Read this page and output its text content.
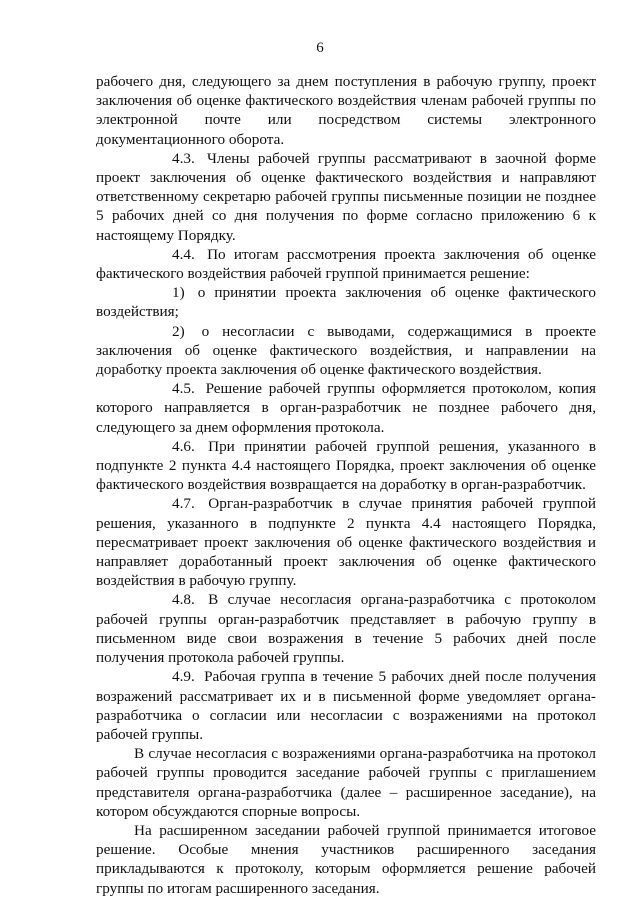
6

рабочего дня, следующего за днем поступления в рабочую группу, проект заключения об оценке фактического воздействия членам рабочей группы по электронной почте или посредством системы электронного документационного оборота.

4.3. Члены рабочей группы рассматривают в заочной форме проект заключения об оценке фактического воздействия и направляют ответственному секретарю рабочей группы письменные позиции не позднее 5 рабочих дней со дня получения по форме согласно приложению 6 к настоящему Порядку.

4.4. По итогам рассмотрения проекта заключения об оценке фактического воздействия рабочей группой принимается решение:

1) о принятии проекта заключения об оценке фактического воздействия;

2) о несогласии с выводами, содержащимися в проекте заключения об оценке фактического воздействия, и направлении на доработку проекта заключения об оценке фактического воздействия.

4.5. Решение рабочей группы оформляется протоколом, копия которого направляется в орган-разработчик не позднее рабочего дня, следующего за днем оформления протокола.

4.6. При принятии рабочей группой решения, указанного в подпункте 2 пункта 4.4 настоящего Порядка, проект заключения об оценке фактического воздействия возвращается на доработку в орган-разработчик.

4.7. Орган-разработчик в случае принятия рабочей группой решения, указанного в подпункте 2 пункта 4.4 настоящего Порядка, пересматривает проект заключения об оценке фактического воздействия и направляет доработанный проект заключения об оценке фактического воздействия в рабочую группу.

4.8. В случае несогласия органа-разработчика с протоколом рабочей группы орган-разработчик представляет в рабочую группу в письменном виде свои возражения в течение 5 рабочих дней после получения протокола рабочей группы.

4.9. Рабочая группа в течение 5 рабочих дней после получения возражений рассматривает их и в письменной форме уведомляет органа-разработчика о согласии или несогласии с возражениями на протокол рабочей группы.

В случае несогласия с возражениями органа-разработчика на протокол рабочей группы проводится заседание рабочей группы с приглашением представителя органа-разработчика (далее – расширенное заседание), на котором обсуждаются спорные вопросы.

На расширенном заседании рабочей группой принимается итоговое решение. Особые мнения участников расширенного заседания прикладываются к протоколу, которым оформляется решение рабочей группы по итогам расширенного заседания.
